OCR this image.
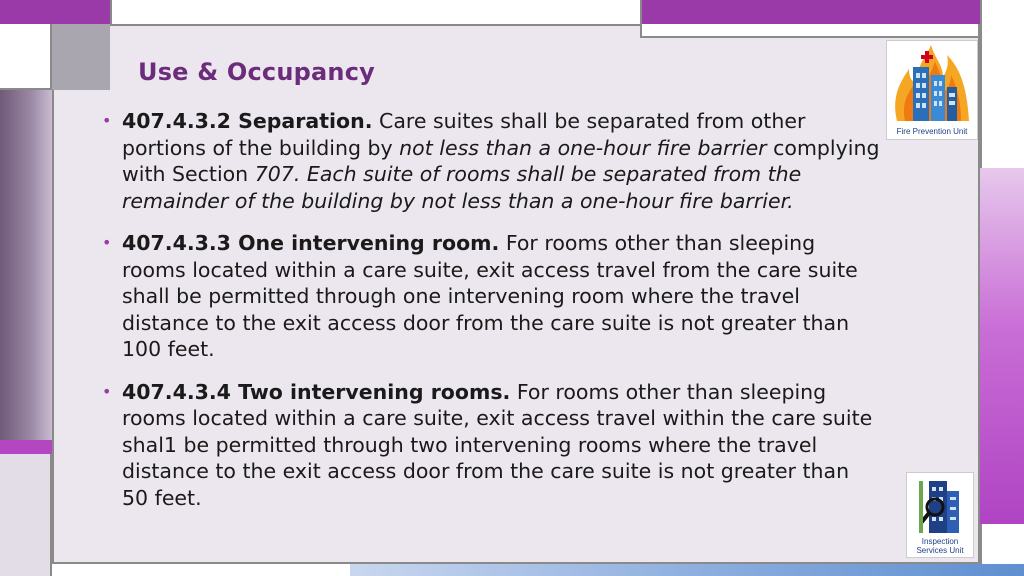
Use & Occupancy
• 407.4.3.2 Separation. Care suites shall be separated from other portions of the building by not less than a one-hour fire barrier complying with Section 707. Each suite of rooms shall be separated from the remainder of the building by not less than a one-hour fire barrier.
• 407.4.3.3 One intervening room. For rooms other than sleeping rooms located within a care suite, exit access travel from the care suite shall be permitted through one intervening room where the travel distance to the exit access door from the care suite is not greater than 100 feet.
• 407.4.3.4 Two intervening rooms. For rooms other than sleeping rooms located within a care suite, exit access travel within the care suite shal1 be permitted through two intervening rooms where the travel distance to the exit access door from the care suite is not greater than 50 feet.
Fire Prevention Unit
Inspection
Services Unit
